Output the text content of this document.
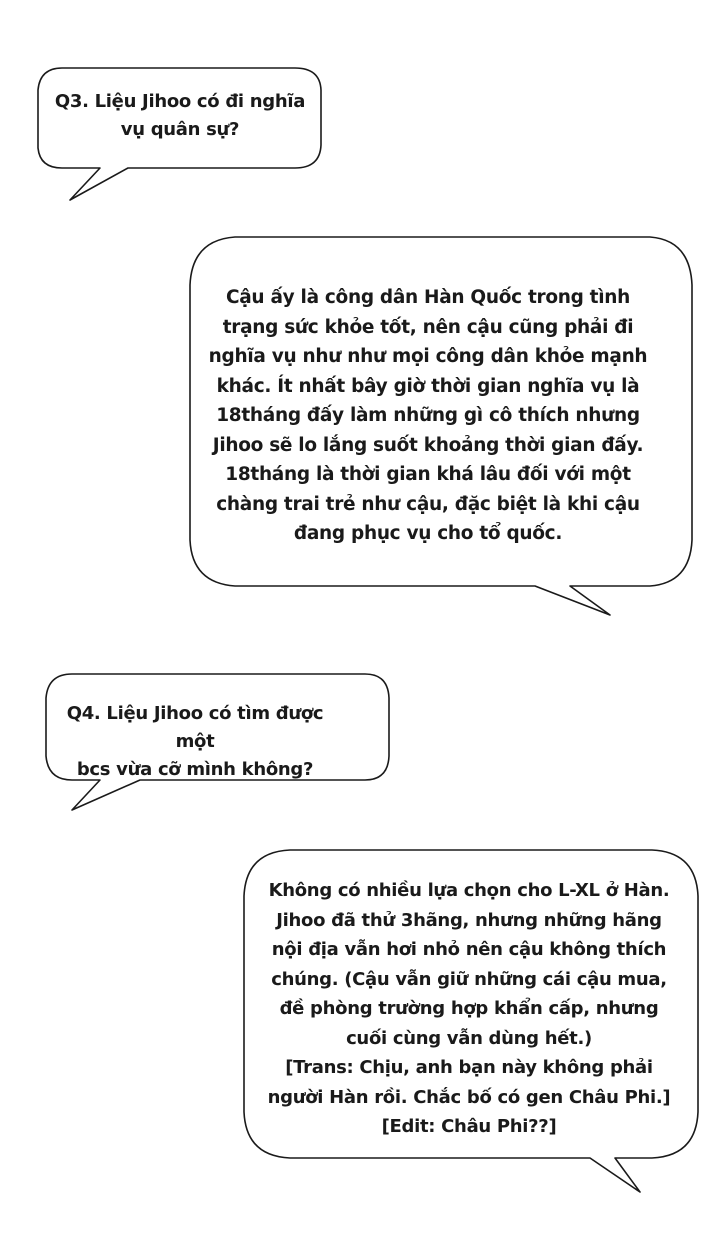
Q3. Liệu Jihoo có đi nghĩa
vụ quân sự?
Cậu ấy là công dân Hàn Quốc trong tình
trạng sức khỏe tốt, nên cậu cũng phải đi
nghĩa vụ như như mọi công dân khỏe mạnh
khác. Ít nhất bây giờ thời gian nghĩa vụ là
18tháng đấy làm những gì cô thích nhưng
Jihoo sẽ lo lắng suốt khoảng thời gian đấy.
18tháng là thời gian khá lâu đối với một
chàng trai trẻ như cậu, đặc biệt là khi cậu
đang phục vụ cho tổ quốc.
Q4. Liệu Jihoo có tìm được một
bcs vừa cỡ mình không?
Không có nhiều lựa chọn cho L-XL ở Hàn.
Jihoo đã thử 3hãng, nhưng những hãng
nội địa vẫn hơi nhỏ nên cậu không thích
chúng. (Cậu vẫn giữ những cái cậu mua,
đề phòng trường hợp khẩn cấp, nhưng
cuối cùng vẫn dùng hết.)
[Trans: Chịu, anh bạn này không phải
người Hàn rồi. Chắc bố có gen Châu Phi.]
[Edit: Châu Phi??]
